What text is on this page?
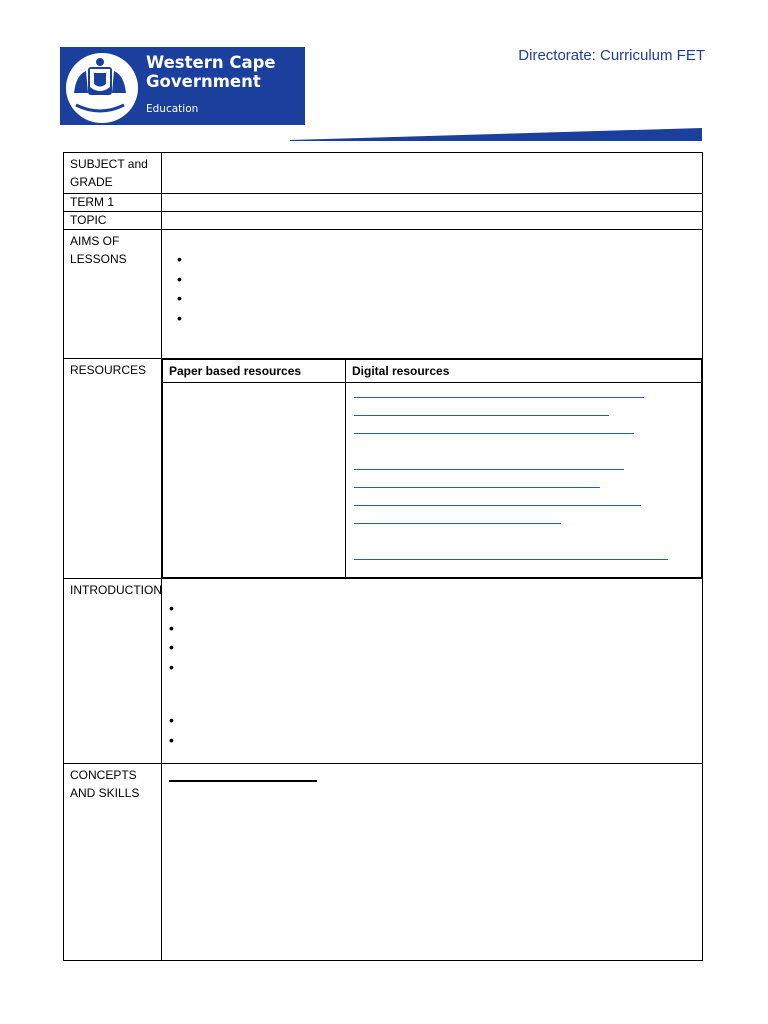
Western Cape
Government
Education
Directorate: Curriculum FET
SUBJECT and GRADE	
TERM 1	
TOPIC	
AIMS OF LESSONS	
•
•
•
•

RESOURCES	Paper based resources	Digital resources

INTRODUCTION	
•
•
•
•
•
•

CONCEPTS AND SKILLS	
